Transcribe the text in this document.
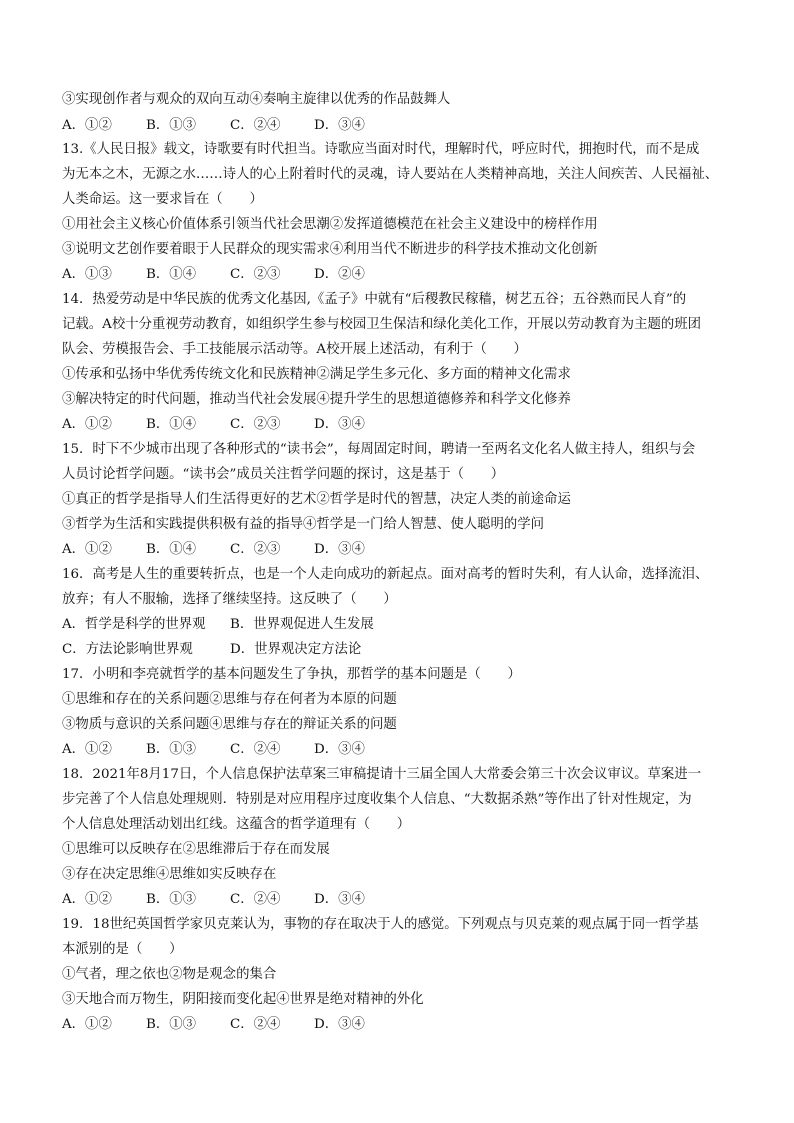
③实现创作者与观众的双向互动④奏响主旋律以优秀的作品鼓舞人
A．①②	B．①③	C．②④	D．③④
13.《人民日报》载文，诗歌要有时代担当。诗歌应当面对时代，理解时代，呼应时代，拥抱时代，而不是成
为无本之木，无源之水……诗人的心上附着时代的灵魂，诗人要站在人类精神高地，关注人间疾苦、人民福祉、
人类命运。这一要求旨在（　　）
①用社会主义核心价值体系引领当代社会思潮②发挥道德模范在社会主义建设中的榜样作用
③说明文艺创作要着眼于人民群众的现实需求④利用当代不断进步的科学技术推动文化创新
A．①③	B．①④	C．②③	D．②④
14．热爱劳动是中华民族的优秀文化基因,《孟子》中就有“后稷教民稼穑，树艺五谷；五谷熟而民人育”的
记载。A校十分重视劳动教育，如组织学生参与校园卫生保洁和绿化美化工作，开展以劳动教育为主题的班团
队会、劳模报告会、手工技能展示活动等。A校开展上述活动，有利于（　　）
①传承和弘扬中华优秀传统文化和民族精神②满足学生多元化、多方面的精神文化需求
③解决特定的时代问题，推动当代社会发展④提升学生的思想道德修养和科学文化修养
A．①②	B．①④	C．②③	D．③④
15．时下不少城市出现了各种形式的“读书会”，每周固定时间，聘请一至两名文化名人做主持人，组织与会
人员讨论哲学问题。“读书会”成员关注哲学问题的探讨，这是基于（　　）
①真正的哲学是指导人们生活得更好的艺术②哲学是时代的智慧，决定人类的前途命运
③哲学为生活和实践提供积极有益的指导④哲学是一门给人智慧、使人聪明的学问
A．①②	B．①④	C．②③	D．③④
16．高考是人生的重要转折点，也是一个人走向成功的新起点。面对高考的暂时失利，有人认命，选择流泪、
放弃；有人不服输，选择了继续坚持。这反映了（　　）
A．哲学是科学的世界观 B．世界观促进人生发展
C．方法论影响世界观	D．世界观决定方法论
17．小明和李亮就哲学的基本问题发生了争执，那哲学的基本问题是（　　）
①思维和存在的关系问题②思维与存在何者为本原的问题
③物质与意识的关系问题④思维与存在的辩证关系的问题
A．①②	B．①③	C．②④	D．③④
18．2021年8月17日，个人信息保护法草案三审稿提请十三届全国人大常委会第三十次会议审议。草案进一
步完善了个人信息处理规则．特别是对应用程序过度收集个人信息、“大数据杀熟”等作出了针对性规定，为
个人信息处理活动划出红线。这蕴含的哲学道理有（　　）
①思维可以反映存在②思维滞后于存在而发展
③存在决定思维④思维如实反映存在
A．①②	B．①③	C．②④	D．③④
19．18世纪英国哲学家贝克莱认为，事物的存在取决于人的感觉。下列观点与贝克莱的观点属于同一哲学基
本派别的是（　　）
①气者，理之依也②物是观念的集合
③天地合而万物生，阴阳接而变化起④世界是绝对精神的外化
A．①②	B．①③	C．②④	D．③④
